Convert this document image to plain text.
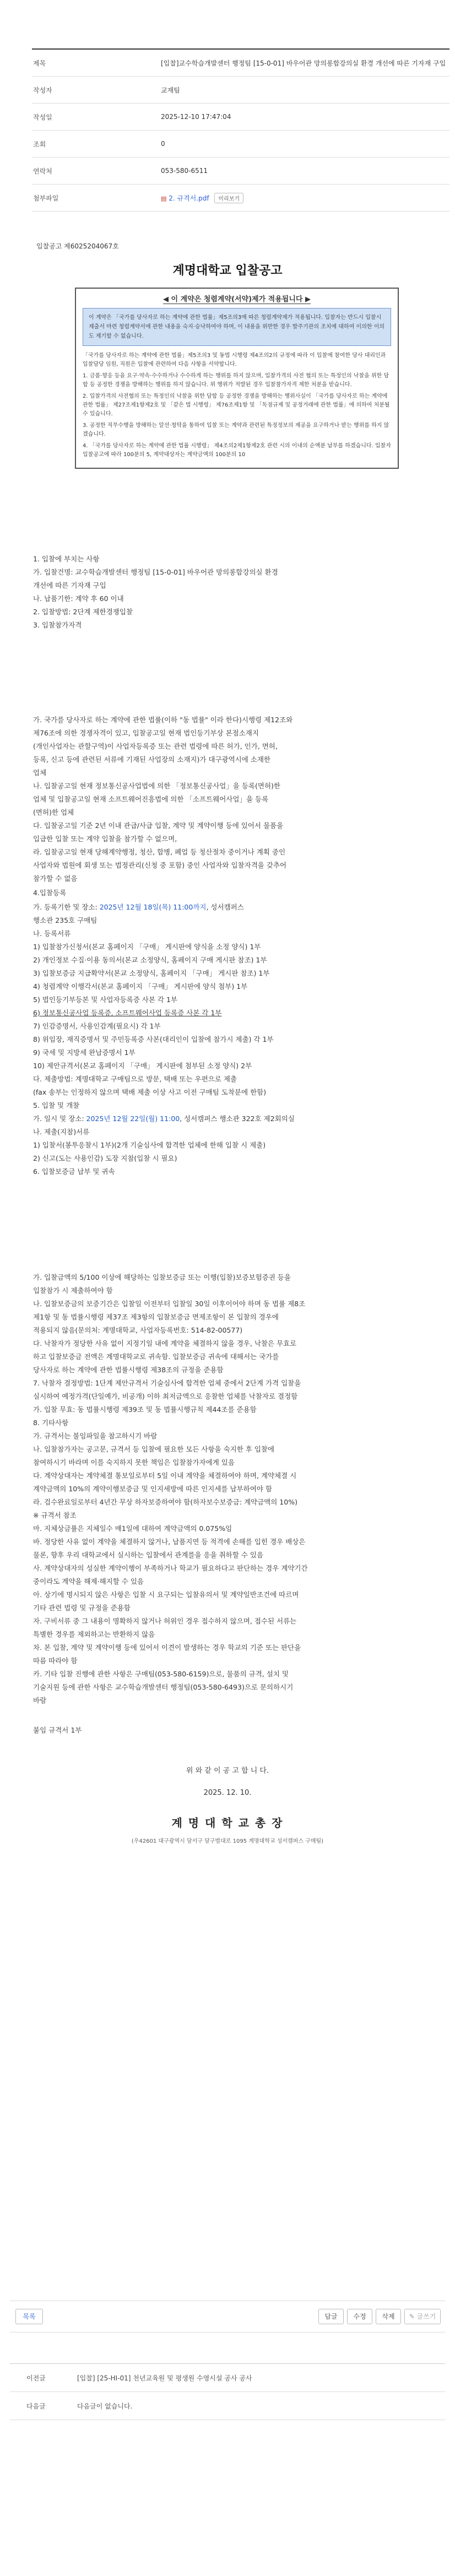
제목	[입찰]교수학습개발센터 행정팀 [15-0-01] 바우어관 망의롱합강의실 환경 개선에 따른 기자재 구입
작성자	교재팀
작성일	2025-12-10 17:47:04
조회	0
연락처	053-580-6511
첨부파일	▤ 2. 규격서.pdf 미리보기
입찰공고 제6025204067호
계명대학교 입찰공고
◀ 이 계약은 청렴계약(서약)제가 적용됩니다 ▶
이 계약은 「국가를 당사자로 하는 계약에 관한 법률」제5조의3에 따른 청렴계약제가 적용됩니다. 입찰자는 반드시 입찰시 제출서 마련 청렴계약서에 관한 내용을 숙지·승낙하여야 하며, 이 내용을 위반한 경우 발주기관의 조치에 대하여 이의한 이의도 제기할 수 없습니다.

「국가를 당사자로 하는 계약에 관한 법률」제5조의3 및 동법 시행령 제4조의2의 규정에 따라 이 입찰에 참여한 당사 대리인과 입찰담당 임원, 직원은 입찰에 관련하여 다음 사항을 서약합니다.

1. 금품·향응 등을 요구·약속·수수하거나 수수하게 하는 행위를 하지 않으며, 입찰가격의 사전 협의 또는 특정인의 낙찰을 위한 담합 등 공정한 경쟁을 방해하는 행위를 하지 않습니다. 위 행위가 적발된 경우 입찰참가자격 제한 처분을 받습니다.

2. 입찰가격의 사전협의 또는 특정인의 낙찰을 위한 담합 등 공정한 경쟁을 방해하는 행위사실이 「국가를 당사자로 하는 계약에 관한 법률」 제27조제1항제2호 및 「같은 법 시행령」 제76조제1항 및 「독점규제 및 공정거래에 관한 법률」에 의하여 처분될 수 있습니다.

3. 공정한 직무수행을 방해하는 알선·청탁을 통하여 입찰 또는 계약과 관련된 특정정보의 제공을 요구하거나 받는 행위를 하지 않겠습니다.

4. 「국가를 당사자로 하는 계약에 관한 법률 시행령」 제4조의2제1항제2호 관련 시의 이내의 순액분 납부를 하겠습니다. 입찰자 입찰공고에 따라 100분의 5, 계약대상자는 계약금액의 100분의 10

1. 입찰에 부치는 사항
가. 입찰건명: 교수학습개발센터 행정팀 [15-0-01] 바우어관 망의롱합강의실 환경
개선에 따른 기자재 구입
나. 납품기한: 계약 후 60 이내
2. 입찰방법: 2단계 제한경쟁입찰
3. 입찰참가자격
가. 국가를 당사자로 하는 계약에 관한 법률(이하 "동 법률" 이라 한다)시행령 제12조와
제76조에 의한 경쟁자격이 있고, 입찰공고일 현재 법인등기부상 본점소재지
(개인사업자는 관할구역)이 사업자등록증 또는 관련 법령에 따른 허가, 인가, 면허,
등록, 신고 등에 관련된 서류에 기재된 사업장의 소재지)가 대구광역시에 소재한
업체
나. 입찰공고일 현재 정보통신공사업법에 의한 「정보통신공사업」을 등록(면허)한
업체 및 입찰공고일 현재 소프트웨어진흥법에 의한 「소프트웨어사업」을 등록
(면허)한 업체
다. 입찰공고일 기준 2년 이내 관급/사급 입찰, 계약 및 계약이행 등에 있어서 물품을
입급한 입찰 또는 계약 입찰을 참가할 수 없으며,
라. 입찰공고일 현재 당해계약행정, 청산, 합병, 폐업 등 청산절차 중이거나 계획 중인
사업자와 법원에 회생 또는 법정관리(신청 중 포함) 중인 사업자와 입찰자격을 갖추어
참가할 수 없음
4.입찰등록
가. 등록기한 및 장소: 2025년 12월 18일(목) 11:00까지, 성서캠퍼스
행소관 235호 구매팀
나. 등록서류
1) 입찰참가신청서(본교 홈페이지 「구매」 게시판에 양식을 소정 양식) 1부
2) 개인정보 수집·이용 동의서(본교 소정양식, 홈페이지 구매 게시판 참조) 1부
3) 입찰보증금 지급확약서(본교 소정양식, 홈페이지 「구매」 게시판 참조) 1부
4) 청렴계약 이행각서(본교 홈페이지 「구매」 게시판에 양식 첨부) 1부
5) 법인등기부등본 및 사업자등록증 사본 각 1부
6) 정보통신공사업 등록증, 소프트웨어사업 등록증 사본 각 1부
7) 인감증명서, 사용인감계(필요시) 각 1부
8) 위임장, 재직증명서 및 주민등록증 사본(대리인이 입찰에 참가시 제출) 각 1부
9) 국세 및 지방세 완납증명서 1부
10) 제안규격서(본교 홈페이지 「구매」 게시판에 첨부된 소정 양식) 2부
다. 제출방법: 계명대학교 구매팀으로 방문, 택배 또는 우편으로 제출
(fax 송부는 인정하지 않으며 택배 제출 이상 사고 이전 구매팀 도착분에 한함)
5. 입찰 및 개찰
가. 일시 및 장소: 2025년 12월 22일(월) 11:00, 성서캠퍼스 행소관 322호 제2회의실
나. 제출(지참)서류
1) 입찰서(봉투응찰시 1부)(2개 기술심사에 합격한 업체에 한해 입찰 시 제출)
2) 신고(도는 사용인감) 도장 지참(입찰 시 필요)
6. 입찰보증금 납부 및 귀속
가. 입찰금액의 5/100 이상에 해당하는 입찰보증금 또는 이행(입찰)보증보험증권 등을
입찰참가 시 제출하여야 함
나. 입찰보증금의 보증기간은 입찰일 이전부터 입찰일 30일 이후이어야 하며 동 법률 제8조
제1항 및 동 법률시행령 제37조 제3항의 입찰보증금 면제조항이 본 입찰의 경우에
적용되지 않음(문의처: 계명대학교, 사업자등록번호: 514-82-00577)
다. 낙찰자가 정당한 사유 없이 지정기일 내에 계약을 체결하지 않을 경우, 낙찰은 무효로
하고 입찰보증금 전액은 계명대학교로 귀속함. 입찰보증금 귀속에 대해서는 국가를
당사자로 하는 계약에 관한 법률시행령 제38조의 규정을 준용함
7. 낙찰자 결정방법: 1단계 제안규격서 기술심사에 합격한 업체 중에서 2단계 가격 입찰을
실시하여 예정가격(단일예가, 비공개) 이하 최저금액으로 응찰한 업체를 낙찰자로 결정함
가. 입찰 무효: 동 법률시행령 제39조 및 동 법률시행규칙 제44조를 준용함
8. 기타사항
가. 규격서는 불임파일을 참고하시기 바람
나. 입찰참가자는 공고문, 규격서 등 입찰에 필요한 모든 사항을 숙지한 후 입찰에
참여하시기 바라며 이를 숙지하지 못한 책임은 입찰참가자에게 있음
다. 계약상대자는 계약체결 통보일로부터 5일 이내 계약을 체결하여야 하며, 계약체결 시
계약금액의 10%의 계약이행보증금 및 인지세방에 따른 인지세를 납부하여야 함
라. 검수완료일로부터 4년간 무상 하자보증하여야 함(하자보수보증금: 계약금액의 10%)
※ 규격서 참조
마. 지체상금률은 지체일수 매1일에 대하여 계약금액의 0.075%임
바. 정당한 사유 없이 계약을 체결하지 않거나, 납품지연 등 적격에 손해를 입힌 경우 배상은
물론, 향후 우리 대학교에서 실시하는 입찰에서 관계를을 응을 취하할 수 있음
사. 계약상대자의 성실한 계약이행이 부족하거나 학교가 필요하다고 판단하는 경우 계약기간
중이라도 계약을 해제·해지할 수 있음
아. 상기에 명시되지 않은 사항은 입찰 시 요구되는 입찰유의서 및 계약일반조건에 따르며
기타 관련 법령 및 규정을 준용함
자. 구비서류 중 그 내용이 명확하지 않거나 허위인 경우 접수하지 않으며, 접수된 서류는
특별한 경우를 제외하고는 반환하지 않음
차. 본 입찰, 계약 및 계약이행 등에 있어서 이견이 발생하는 경우 학교의 기준 또는 판단을
따름 따라야 함
카. 기타 입찰 진행에 관한 사항은 구매팀(053-580-6159)으로, 물품의 규격, 설치 및
기술지원 등에 관한 사항은 교수학습개발센터 행정팀(053-580-6493)으로 문의하시기
바람
붙임 규격서 1부
위 와 같 이 공 고 합 니 다.
2025. 12. 10.
계 명 대 학 교 총 장
(우42601 대구광역시 달서구 달구벌대로 1095 계명대학교 성서캠퍼스 구매팀)
목록	답글	수정	삭제	✎ 글쓰기
이전글	[입찰] [25-HI-01] 천년교육원 및 평생원 수영시설 공사 공사
다음글	다음글이 없습니다.
